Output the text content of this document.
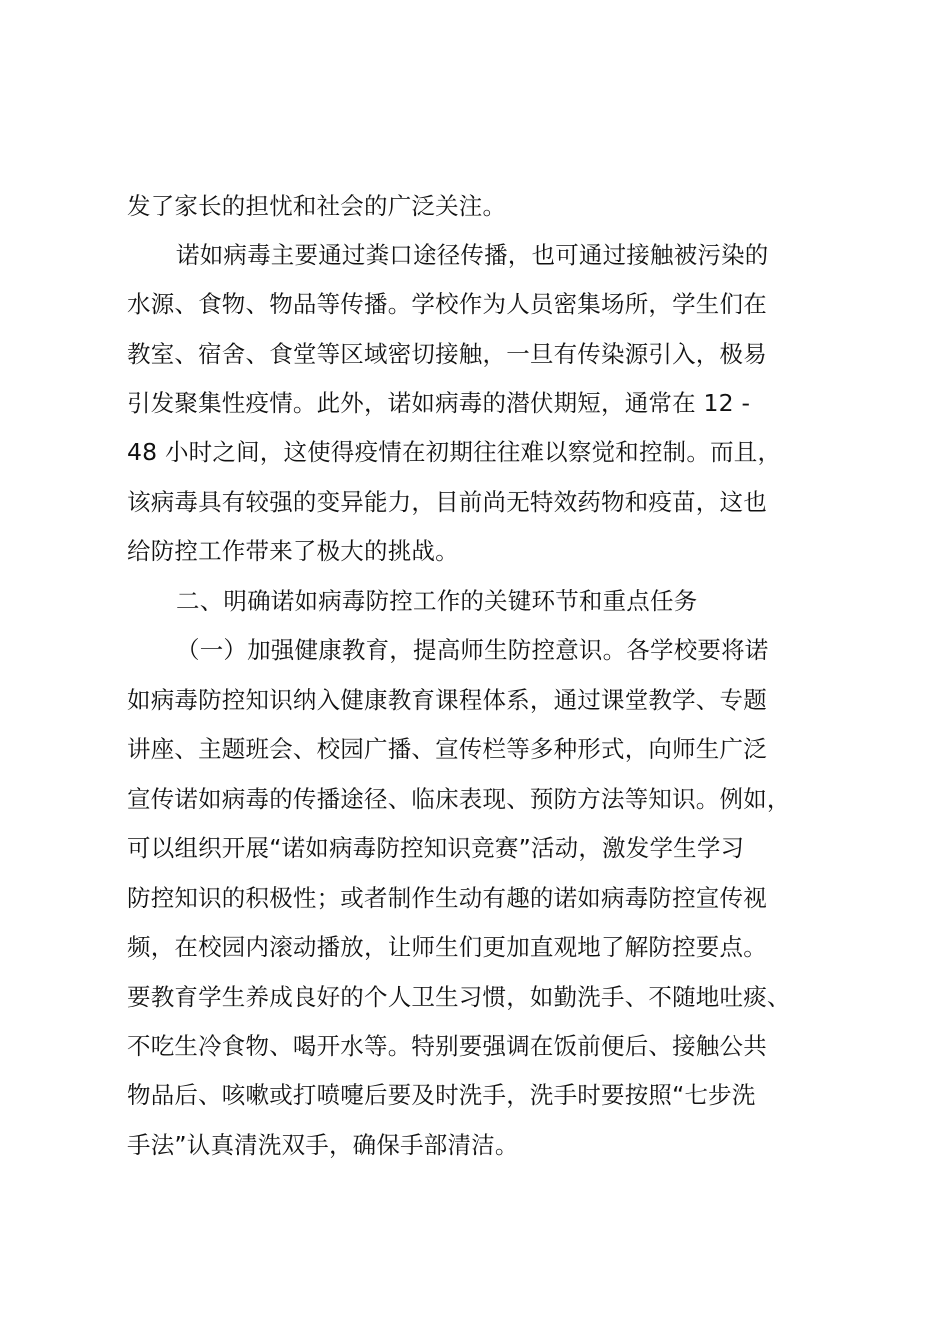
发了家长的担忧和社会的广泛关注。
诺如病毒主要通过粪口途径传播，也可通过接触被污染的
水源、食物、物品等传播。学校作为人员密集场所，学生们在
教室、宿舍、食堂等区域密切接触，一旦有传染源引入，极易
引发聚集性疫情。此外，诺如病毒的潜伏期短，通常在 12 -
48 小时之间，这使得疫情在初期往往难以察觉和控制。而且，
该病毒具有较强的变异能力，目前尚无特效药物和疫苗，这也
给防控工作带来了极大的挑战。
二、明确诺如病毒防控工作的关键环节和重点任务
（一）加强健康教育，提高师生防控意识。各学校要将诺
如病毒防控知识纳入健康教育课程体系，通过课堂教学、专题
讲座、主题班会、校园广播、宣传栏等多种形式，向师生广泛
宣传诺如病毒的传播途径、临床表现、预防方法等知识。例如，
可以组织开展“诺如病毒防控知识竞赛”活动，激发学生学习
防控知识的积极性；或者制作生动有趣的诺如病毒防控宣传视
频，在校园内滚动播放，让师生们更加直观地了解防控要点。
要教育学生养成良好的个人卫生习惯，如勤洗手、不随地吐痰、
不吃生冷食物、喝开水等。特别要强调在饭前便后、接触公共
物品后、咳嗽或打喷嚏后要及时洗手，洗手时要按照“七步洗
手法”认真清洗双手，确保手部清洁。
